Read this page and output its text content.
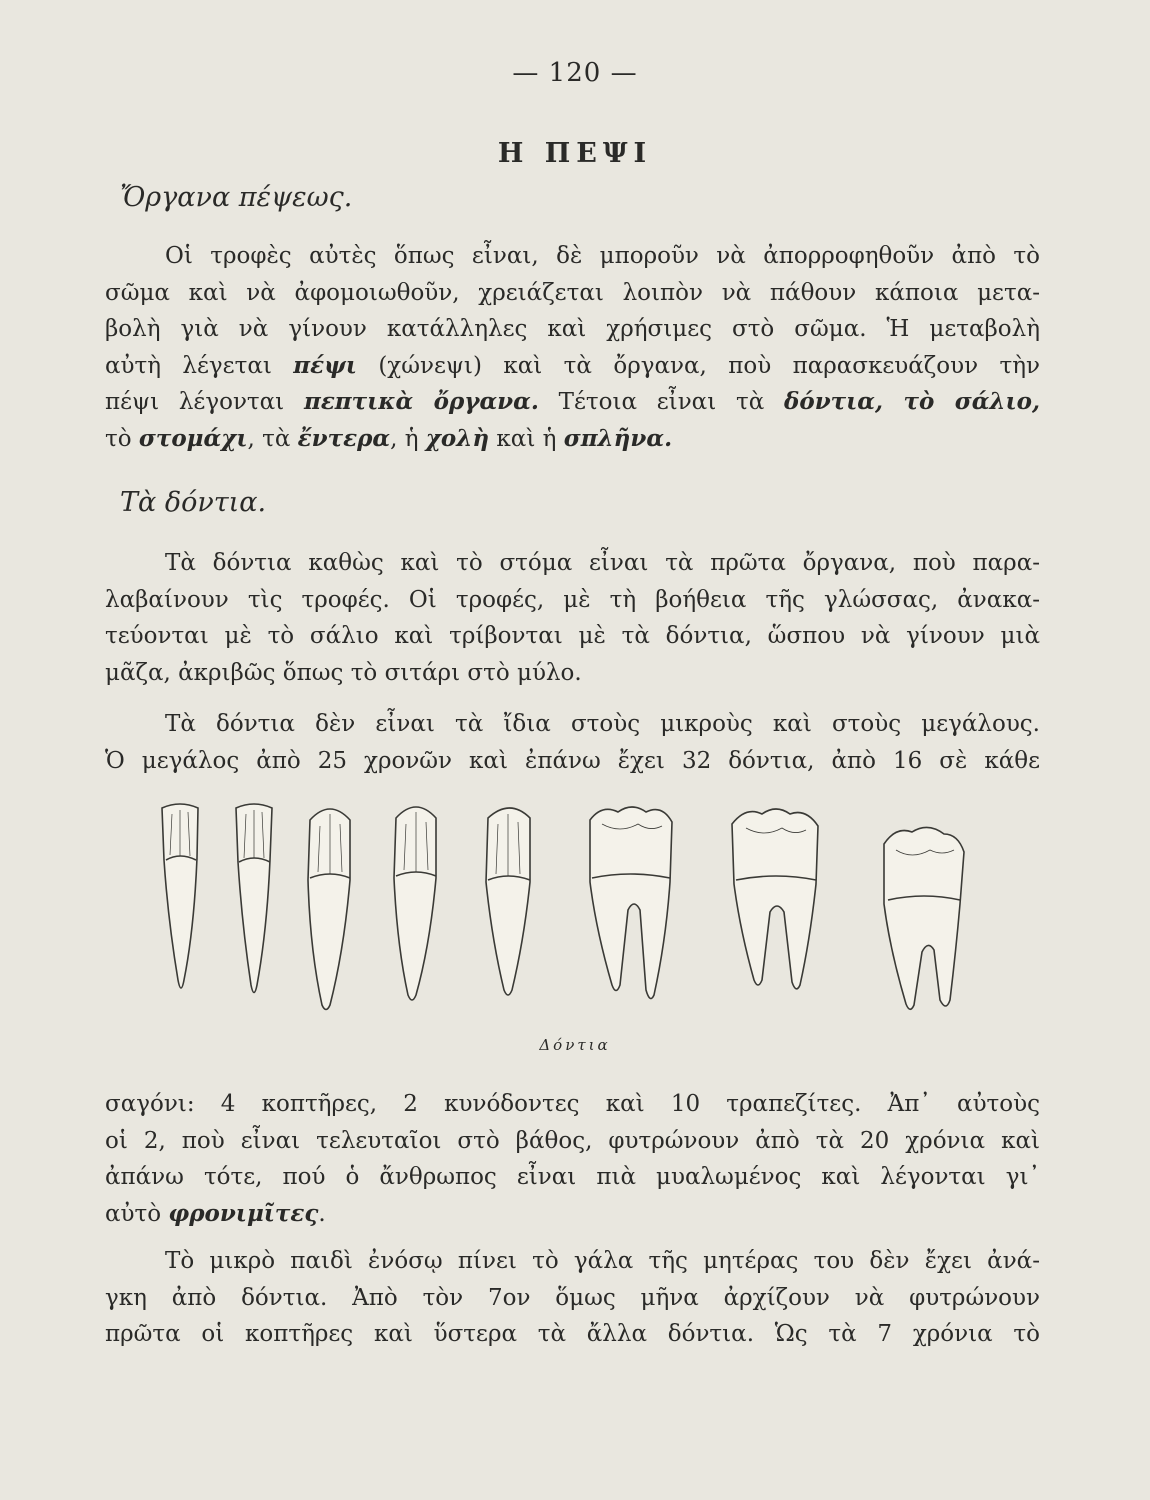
— 120 —
Η ΠΕΨΙ
Ὄργανα πέψεως.
Οἱ τροφὲς αὐτὲς ὅπως εἶναι, δὲ μποροῦν νὰ ἀπορροφηθοῦν ἀπὸ τὸ
σῶμα καὶ νὰ ἀφομοιωθοῦν, χρειάζεται λοιπὸν νὰ πάθουν κάποια μετα-
βολὴ γιὰ νὰ γίνουν κατάλληλες καὶ χρήσιμες στὸ σῶμα. Ἡ μεταβολὴ
αὐτὴ λέγεται πέψι (χώνεψι) καὶ τὰ ὄργανα, ποὺ παρασκευάζουν τὴν
πέψι λέγονται πεπτικὰ ὄργανα. Τέτοια εἶναι τὰ δόντια, τὸ σάλιο,
τὸ στομάχι, τὰ ἔντερα, ἡ χολὴ καὶ ἡ σπλῆνα.
Τὰ δόντια.
Τὰ δόντια καθὼς καὶ τὸ στόμα εἶναι τὰ πρῶτα ὄργανα, ποὺ παρα-
λαβαίνουν τὶς τροφές. Οἱ τροφές, μὲ τὴ βοήθεια τῆς γλώσσας, ἀνακα-
τεύονται μὲ τὸ σάλιο καὶ τρίβονται μὲ τὰ δόντια, ὥσπου νὰ γίνουν μιὰ
μᾶζα, ἀκριβῶς ὅπως τὸ σιτάρι στὸ μύλο.
Τὰ δόντια δὲν εἶναι τὰ ἴδια στοὺς μικροὺς καὶ στοὺς μεγάλους.
Ὁ μεγάλος ἀπὸ 25 χρονῶν καὶ ἐπάνω ἔχει 32 δόντια, ἀπὸ 16 σὲ κάθε
Δόντια
σαγόνι: 4 κοπτῆρες, 2 κυνόδοντες καὶ 10 τραπεζίτες. Ἀπ᾿ αὐτοὺς
οἱ 2, ποὺ εἶναι τελευταῖοι στὸ βάθος, φυτρώνουν ἀπὸ τὰ 20 χρόνια καὶ
ἀπάνω τότε, πού ὁ ἄνθρωπος εἶναι πιὰ μυαλωμένος καὶ λέγονται γι᾿
αὐτὸ φρονιμῖτες.
Τὸ μικρὸ παιδὶ ἐνόσῳ πίνει τὸ γάλα τῆς μητέρας του δὲν ἔχει ἀνά-
γκη ἀπὸ δόντια. Ἀπὸ τὸν 7ον ὅμως μῆνα ἀρχίζουν νὰ φυτρώνουν
πρῶτα οἱ κοπτῆρες καὶ ὕστερα τὰ ἄλλα δόντια. Ὡς τὰ 7 χρόνια τὸ
